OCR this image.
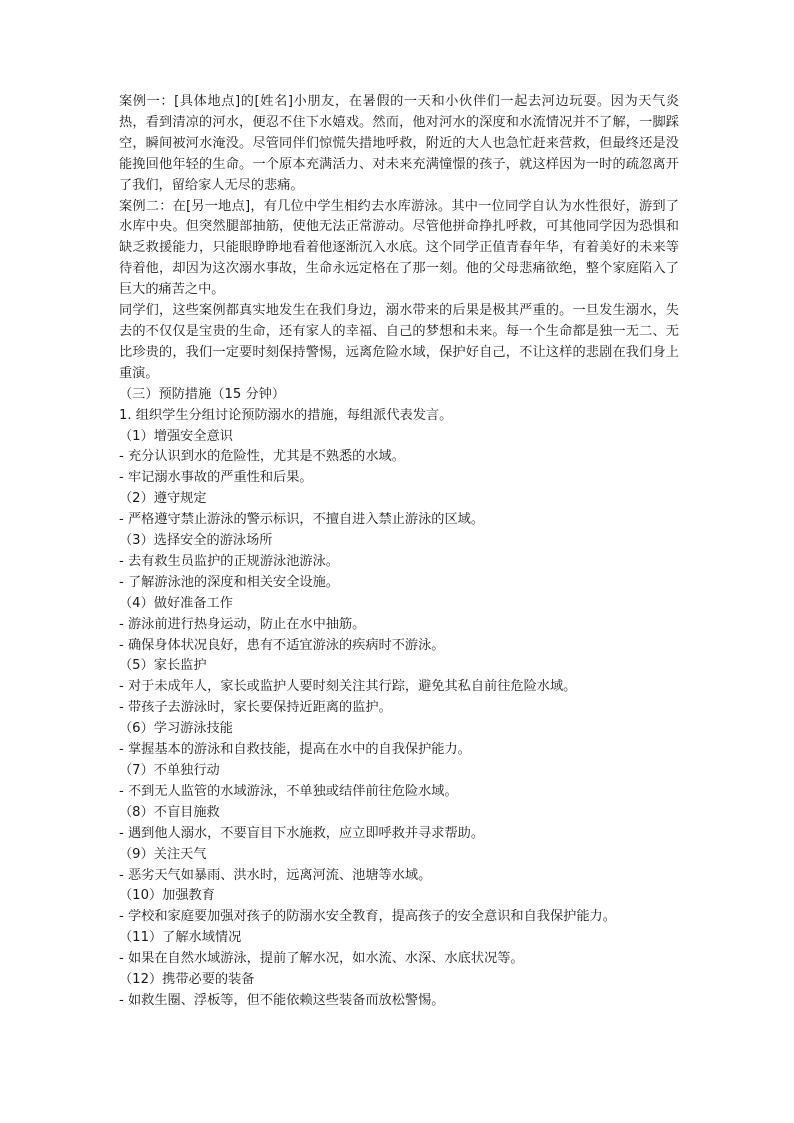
案例一：[具体地点]的[姓名]小朋友，在暑假的一天和小伙伴们一起去河边玩耍。因为天气炎热，看到清凉的河水，便忍不住下水嬉戏。然而，他对河水的深度和水流情况并不了解，一脚踩空，瞬间被河水淹没。尽管同伴们惊慌失措地呼救，附近的大人也急忙赶来营救，但最终还是没能挽回他年轻的生命。一个原本充满活力、对未来充满憧憬的孩子，就这样因为一时的疏忽离开了我们，留给家人无尽的悲痛。

案例二：在[另一地点]，有几位中学生相约去水库游泳。其中一位同学自认为水性很好，游到了水库中央。但突然腿部抽筋，使他无法正常游动。尽管他拼命挣扎呼救，可其他同学因为恐惧和缺乏救援能力，只能眼睁睁地看着他逐渐沉入水底。这个同学正值青春年华，有着美好的未来等待着他，却因为这次溺水事故，生命永远定格在了那一刻。他的父母悲痛欲绝，整个家庭陷入了巨大的痛苦之中。

同学们，这些案例都真实地发生在我们身边，溺水带来的后果是极其严重的。一旦发生溺水，失去的不仅仅是宝贵的生命，还有家人的幸福、自己的梦想和未来。每一个生命都是独一无二、无比珍贵的，我们一定要时刻保持警惕，远离危险水域，保护好自己，不让这样的悲剧在我们身上重演。

（三）预防措施（15 分钟）
1. 组织学生分组讨论预防溺水的措施，每组派代表发言。
（1）增强安全意识
- 充分认识到水的危险性，尤其是不熟悉的水域。
- 牢记溺水事故的严重性和后果。
（2）遵守规定
- 严格遵守禁止游泳的警示标识，不擅自进入禁止游泳的区域。
（3）选择安全的游泳场所
- 去有救生员监护的正规游泳池游泳。
- 了解游泳池的深度和相关安全设施。
（4）做好准备工作
- 游泳前进行热身运动，防止在水中抽筋。
- 确保身体状况良好，患有不适宜游泳的疾病时不游泳。
（5）家长监护
- 对于未成年人，家长或监护人要时刻关注其行踪，避免其私自前往危险水域。
- 带孩子去游泳时，家长要保持近距离的监护。
（6）学习游泳技能
- 掌握基本的游泳和自救技能，提高在水中的自我保护能力。
（7）不单独行动
- 不到无人监管的水域游泳，不单独或结伴前往危险水域。
（8）不盲目施救
- 遇到他人溺水，不要盲目下水施救，应立即呼救并寻求帮助。
（9）关注天气
- 恶劣天气如暴雨、洪水时，远离河流、池塘等水域。
（10）加强教育
- 学校和家庭要加强对孩子的防溺水安全教育，提高孩子的安全意识和自我保护能力。
（11）了解水域情况
- 如果在自然水域游泳，提前了解水况，如水流、水深、水底状况等。
（12）携带必要的装备
- 如救生圈、浮板等，但不能依赖这些装备而放松警惕。
